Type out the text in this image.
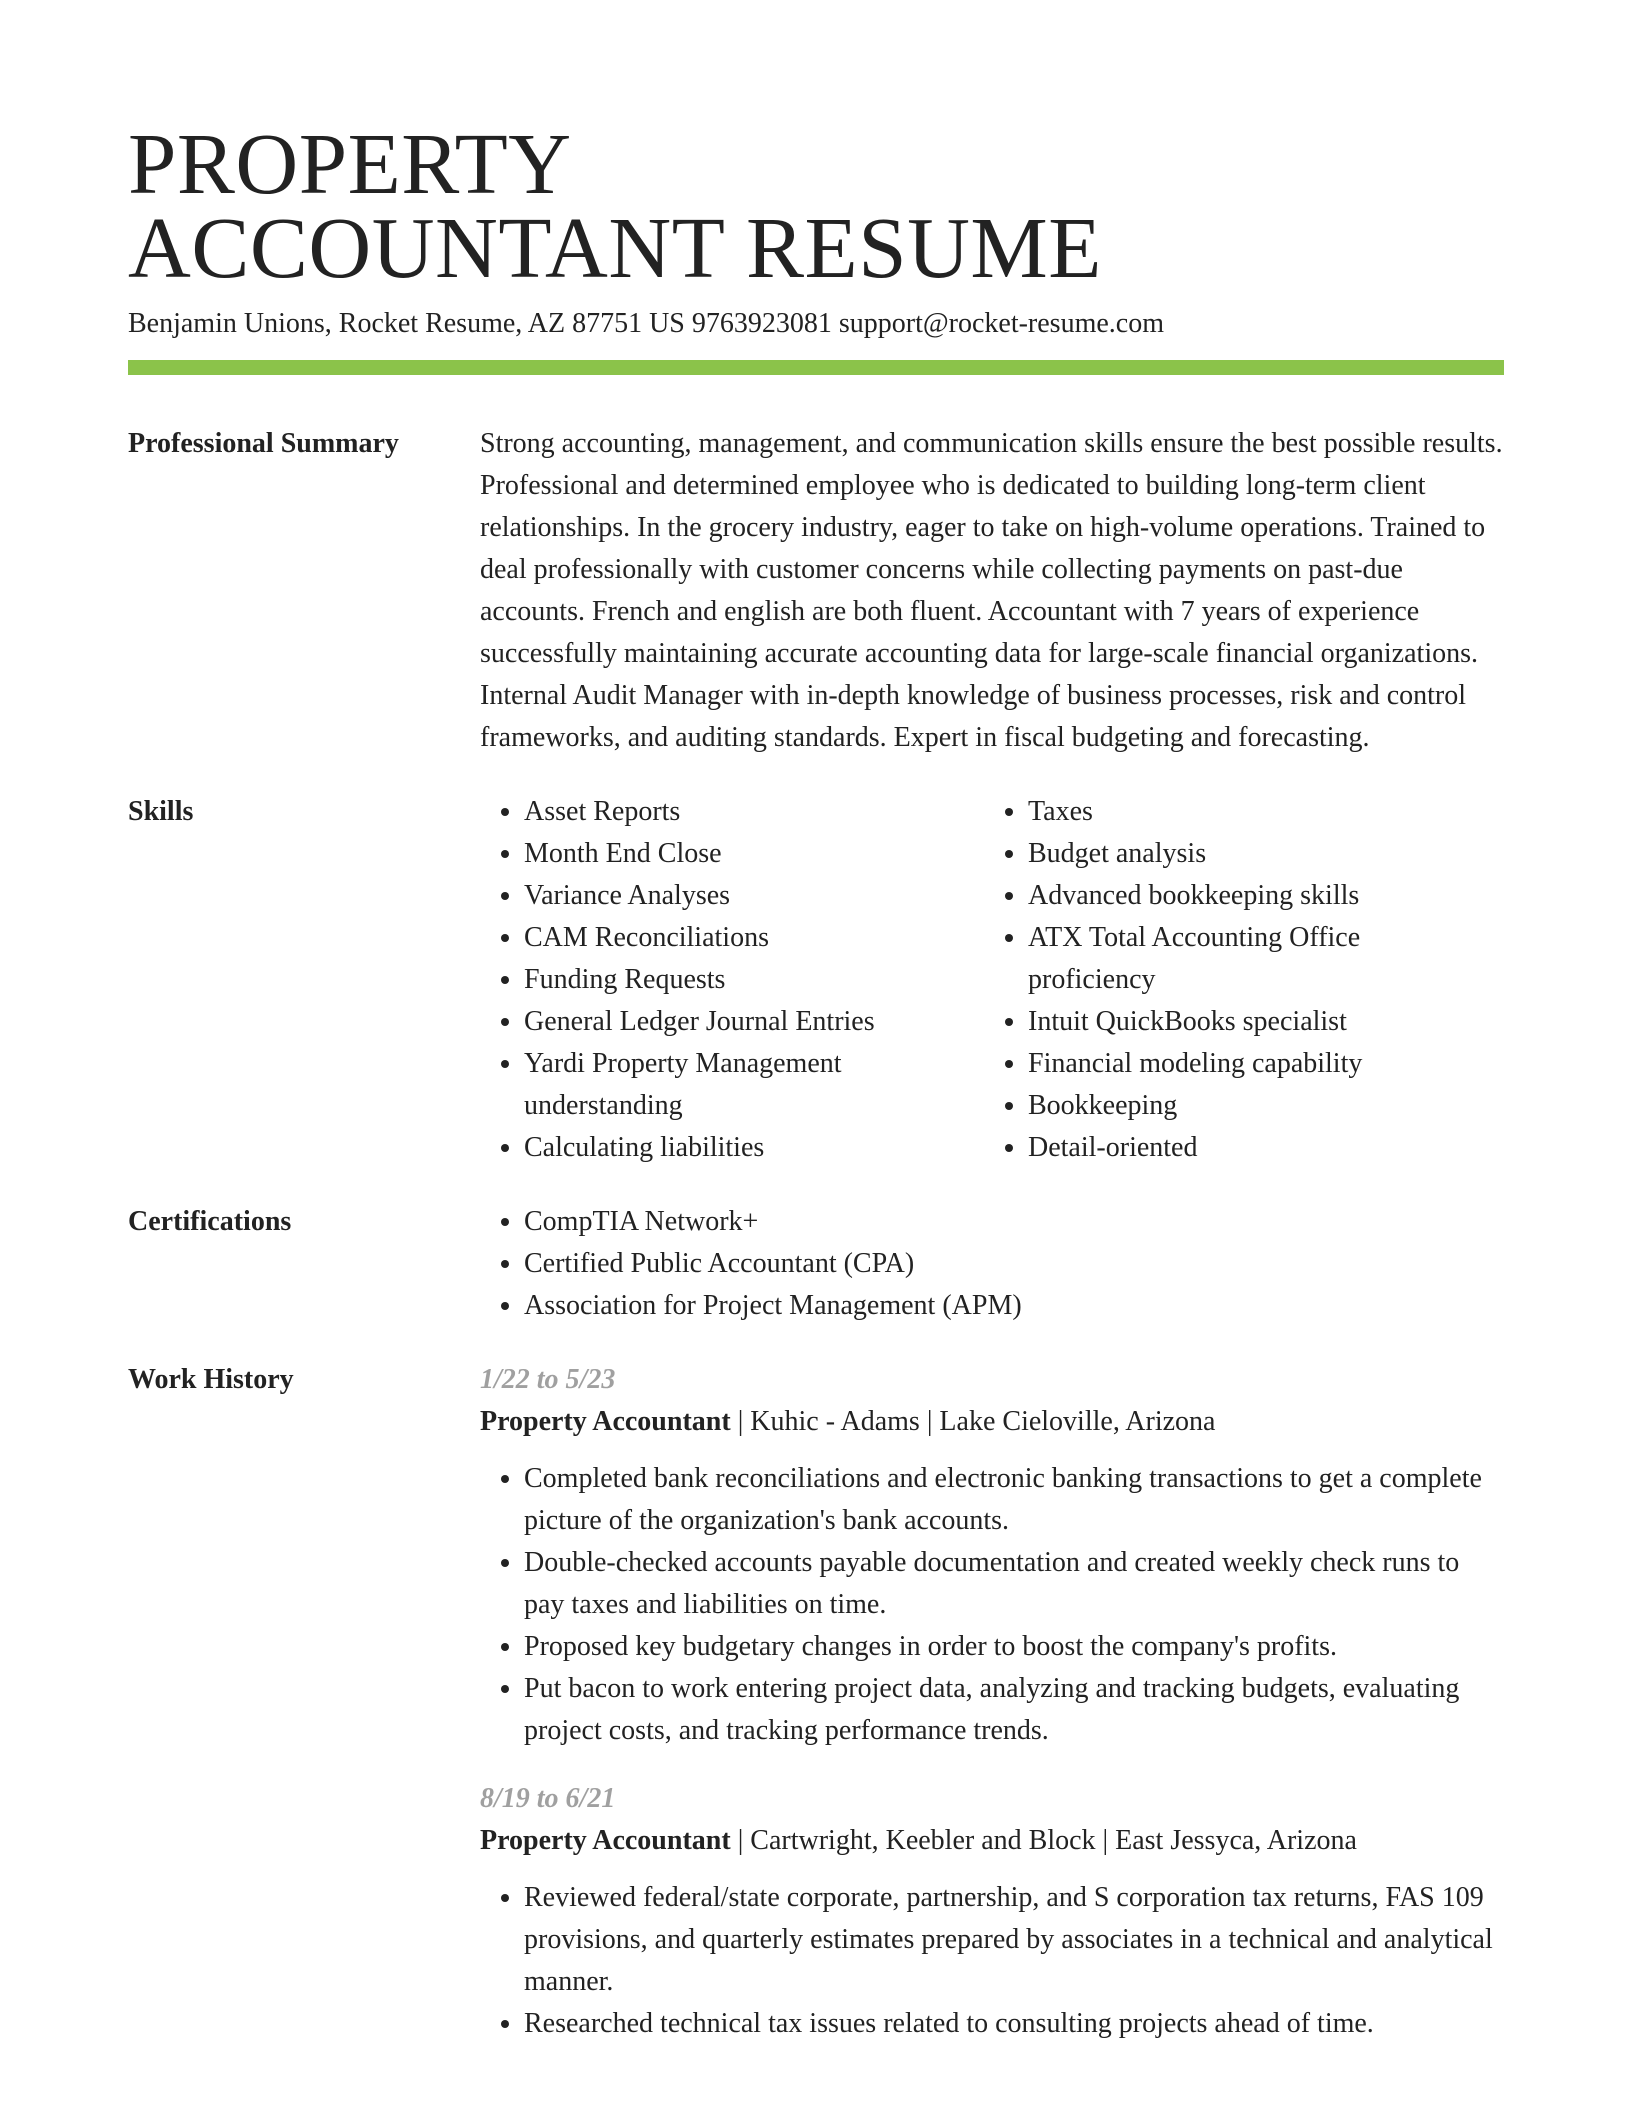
PROPERTY
ACCOUNTANT RESUME
Benjamin Unions, Rocket Resume, AZ 87751 US 9763923081 support@rocket-resume.com
Professional Summary	Strong accounting, management, and communication skills ensure the best possible results. Professional and determined employee who is dedicated to building long-term client relationships. In the grocery industry, eager to take on high-volume operations. Trained to deal professionally with customer concerns while collecting payments on past-due accounts. French and english are both fluent. Accountant with 7 years of experience successfully maintaining accurate accounting data for large-scale financial organizations. Internal Audit Manager with in-depth knowledge of business processes, risk and control frameworks, and auditing standards. Expert in fiscal budgeting and forecasting.

Skills	• Asset Reports
• Month End Close
• Variance Analyses
• CAM Reconciliations
• Funding Requests
• General Ledger Journal Entries
• Yardi Property Management understanding
• Calculating liabilities
• Taxes
• Budget analysis
• Advanced bookkeeping skills
• ATX Total Accounting Office proficiency
• Intuit QuickBooks specialist
• Financial modeling capability
• Bookkeeping
• Detail-oriented
Certifications	• CompTIA Network+
• Certified Public Accountant (CPA)
• Association for Project Management (APM)
Work History	1/22 to 5/23
Property Accountant | Kuhic - Adams | Lake Cieloville, Arizona
• Completed bank reconciliations and electronic banking transactions to get a complete picture of the organization's bank accounts.
• Double-checked accounts payable documentation and created weekly check runs to pay taxes and liabilities on time.
• Proposed key budgetary changes in order to boost the company's profits.
• Put bacon to work entering project data, analyzing and tracking budgets, evaluating project costs, and tracking performance trends.
8/19 to 6/21
Property Accountant | Cartwright, Keebler and Block | East Jessyca, Arizona
• Reviewed federal/state corporate, partnership, and S corporation tax returns, FAS 109 provisions, and quarterly estimates prepared by associates in a technical and analytical manner.
• Researched technical tax issues related to consulting projects ahead of time.
